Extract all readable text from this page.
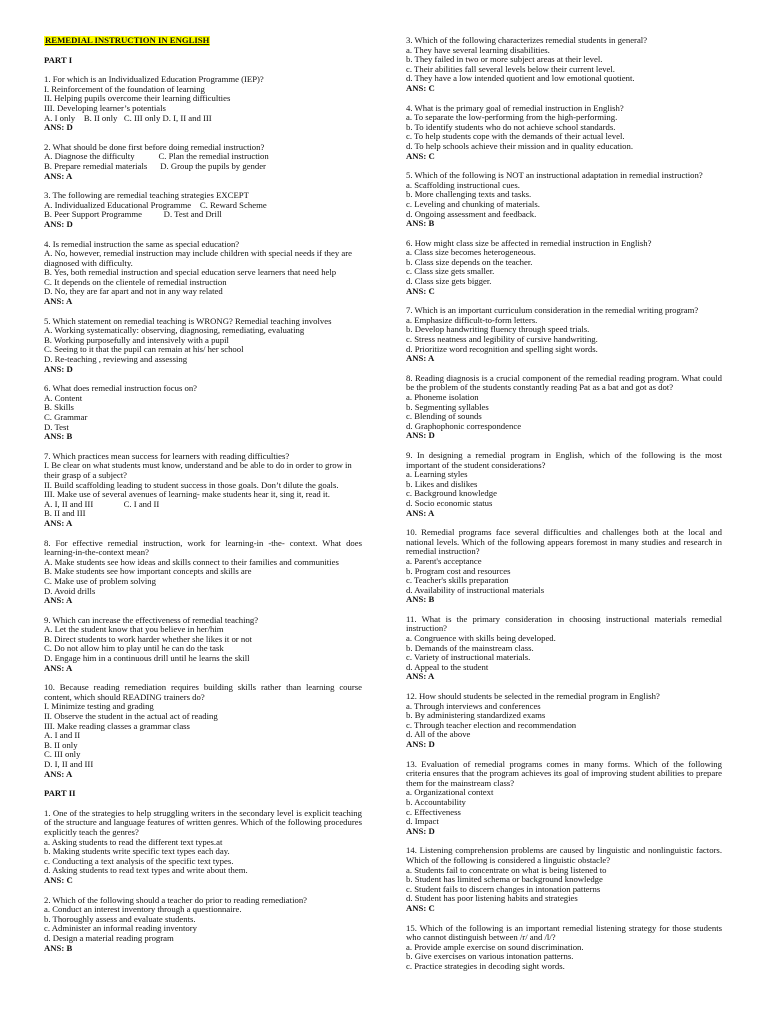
REMEDIAL INSTRUCTION IN ENGLISH
PART I
1. For which is an Individualized Education Programme (IEP)?
I. Reinforcement of the foundation of learning
II. Helping pupils overcome their learning difficulties
III. Developing learner’s potentials
A. I only    B. II only   C. III only D. I, II and III
ANS: D
2. What should be done first before doing remedial instruction?
A. Diagnose the difficulty           C. Plan the remedial instruction
B. Prepare remedial materials      D. Group the pupils by gender
ANS: A
3. The following are remedial teaching strategies EXCEPT
A. Individualized Educational Programme    C. Reward Scheme
B. Peer Support Programme          D. Test and Drill
ANS: D
4. Is remedial instruction the same as special education?
A. No, however, remedial instruction may include children with special needs if they are diagnosed with difficulty.
B. Yes, both remedial instruction and special education serve learners that need help
C. It depends on the clientele of remedial instruction
D. No, they are far apart and not in any way related
ANS: A
5. Which statement on remedial teaching is WRONG? Remedial teaching involves
A. Working systematically: observing, diagnosing, remediating, evaluating
B. Working purposefully and intensively with a pupil
C. Seeing to it that the pupil can remain at his/ her school
D. Re-teaching , reviewing and assessing
ANS: D
6. What does remedial instruction focus on?
A. Content
B. Skills
C. Grammar
D. Test
ANS: B
7. Which practices mean success for learners with reading difficulties?
I. Be clear on what students must know, understand and be able to do in order to grow in their grasp of a subject?
II. Build scaffolding leading to student success in those goals. Don’t dilute the goals.
III. Make use of several avenues of learning- make students hear it, sing it, read it.
A. I, II and III              C. I and II
B. II and III
ANS: A
8. For effective remedial instruction, work for learning-in -the- context. What does learning-in-the-context mean?
A. Make students see how ideas and skills connect to their families and communities
B. Make students see how important concepts and skills are
C. Make use of problem solving
D. Avoid drills
ANS: A
9. Which can increase the effectiveness of remedial teaching?
A. Let the student know that you believe in her/him
B. Direct students to work harder whether she likes it or not
C. Do not allow him to play until he can do the task
D. Engage him in a continuous drill until he learns the skill
ANS: A
10. Because reading remediation requires building skills rather than learning course content, which should READING trainers do?
I. Minimize testing and grading
II. Observe the student in the actual act of reading
III. Make reading classes a grammar class
A. I and II
B. II only
C. III only
D. I, II and III
ANS: A
PART II
1. One of the strategies to help struggling writers in the secondary level is explicit teaching of the structure and language features of written genres. Which of the following procedures explicitly teach the genres?
a. Asking students to read the different text types.at
b. Making students write specific text types each day.
c. Conducting a text analysis of the specific text types.
d. Asking students to read text types and write about them.
ANS: C
2. Which of the following should a teacher do prior to reading remediation?
a. Conduct an interest inventory through a questionnaire.
b. Thoroughly assess and evaluate students.
c. Administer an informal reading inventory
d. Design a material reading program
ANS: B
3. Which of the following characterizes remedial students in general?
a. They have several learning disabilities.
b. They failed in two or more subject areas at their level.
c. Their abilities fall several levels below their current level.
d. They have a low intended quotient and low emotional quotient.
ANS: C
4. What is the primary goal of remedial instruction in English?
a. To separate the low-performing from the high-performing.
b. To identify students who do not achieve school standards.
c. To help students cope with the demands of their actual level.
d. To help schools achieve their mission and in quality education.
ANS: C
5. Which of the following is NOT an instructional adaptation in remedial instruction?
a. Scaffolding instructional cues.
b. More challenging texts and tasks.
c. Leveling and chunking of materials.
d. Ongoing assessment and feedback.
ANS: B
6. How might class size be affected in remedial instruction in English?
a. Class size becomes heterogeneous.
b. Class size depends on the teacher.
c. Class size gets smaller.
d. Class size gets bigger.
ANS: C
7. Which is an important curriculum consideration in the remedial writing program?
a. Emphasize difficult-to-form letters.
b. Develop handwriting fluency through speed trials.
c. Stress neatness and legibility of cursive handwriting.
d. Prioritize word recognition and spelling sight words.
ANS: A
8. Reading diagnosis is a crucial component of the remedial reading program. What could be the problem of the students constantly reading Pat as a bat and got as dot?
a. Phoneme isolation
b. Segmenting syllables
c. Blending of sounds
d. Graphophonic correspondence
ANS: D
9. In designing a remedial program in English, which of the following is the most important of the student considerations?
a. Learning styles
b. Likes and dislikes
c. Background knowledge
d. Socio economic status
ANS: A
10. Remedial programs face several difficulties and challenges both at the local and national levels. Which of the following appears foremost in many studies and research in remedial instruction?
a. Parent's acceptance
b. Program cost and resources
c. Teacher's skills preparation
d. Availability of instructional materials
ANS: B
11. What is the primary consideration in choosing instructional materials remedial instruction?
a. Congruence with skills being developed.
b. Demands of the mainstream class.
c. Variety of instructional materials.
d. Appeal to the student
ANS: A
12. How should students be selected in the remedial program in English?
a. Through interviews and conferences
b. By administering standardized exams
c. Through teacher election and recommendation
d. All of the above
ANS: D
13. Evaluation of remedial programs comes in many forms. Which of the following criteria ensures that the program achieves its goal of improving student abilities to prepare them for the mainstream class?
a. Organizational context
b. Accountability
c. Effectiveness
d. Impact
ANS: D
14. Listening comprehension problems are caused by linguistic and nonlinguistic factors. Which of the following is considered a linguistic obstacle?
a. Students fail to concentrate on what is being listened to
b. Student has limited schema or background knowledge
c. Student fails to discern changes in intonation patterns
d. Student has poor listening habits and strategies
ANS: C
15. Which of the following is an important remedial listening strategy for those students who cannot distinguish between /r/ and /l/?
a. Provide ample exercise on sound discrimination.
b. Give exercises on various intonation patterns.
c. Practice strategies in decoding sight words.
